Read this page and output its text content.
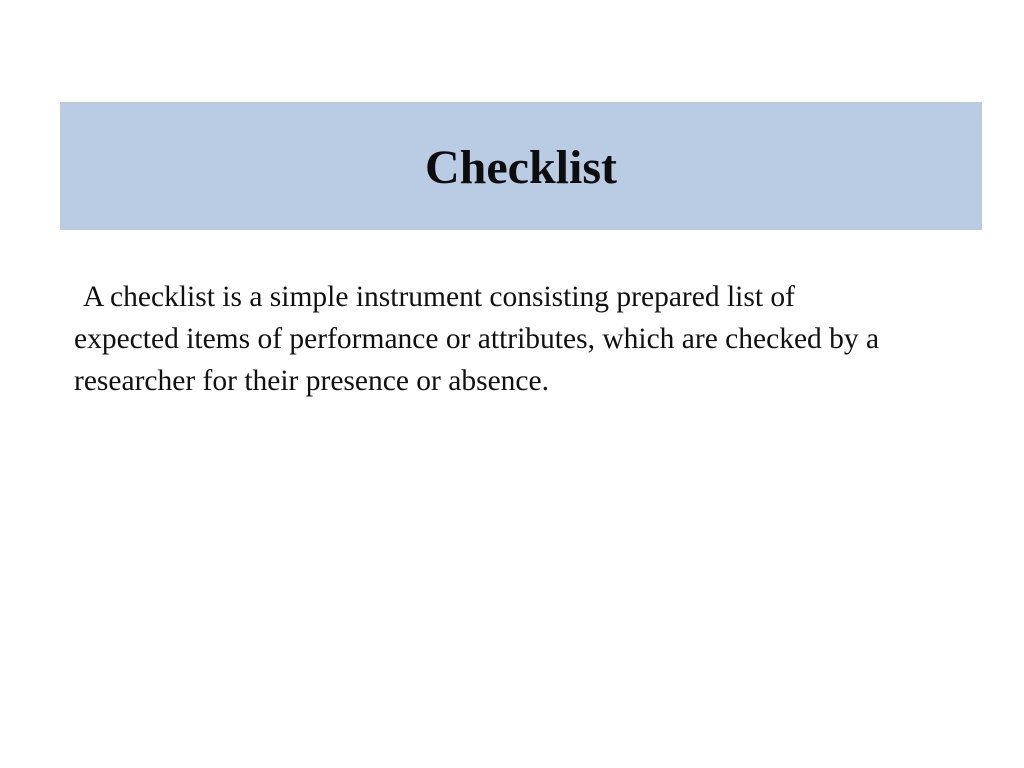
Checklist

A checklist is a simple instrument consisting prepared list of
expected items of performance or attributes, which are checked by a
researcher for their presence or absence.
